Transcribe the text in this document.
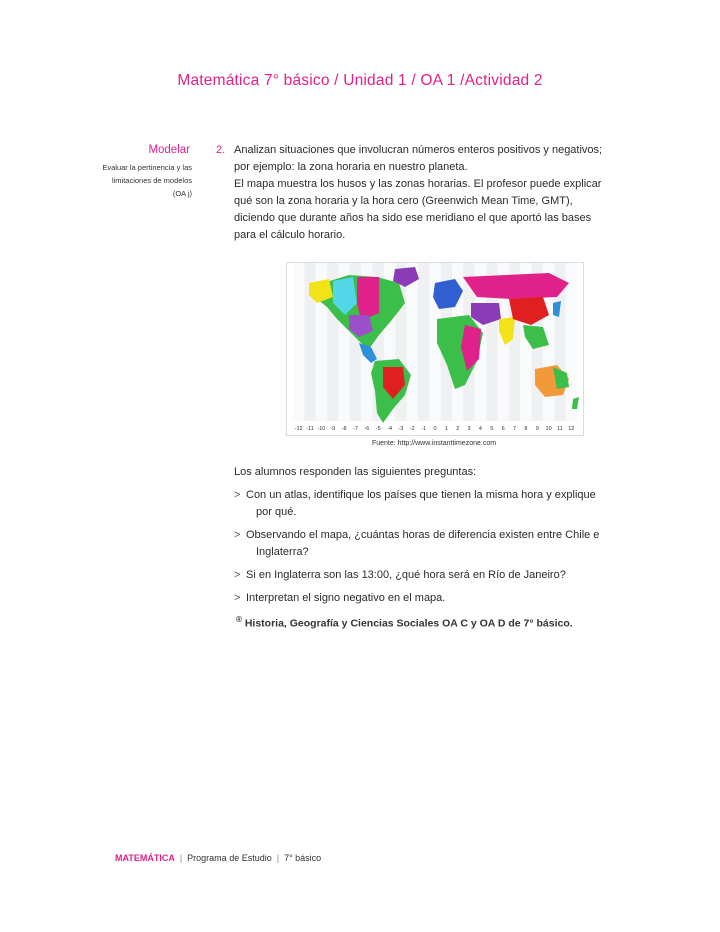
Matemática 7° básico / Unidad 1 / OA 1 /Actividad 2
Modelar
Evaluar la pertinencia y las
limitaciones de modelos
(OA j)
2. Analizan situaciones que involucran números enteros positivos y negativos;
por ejemplo: la zona horaria en nuestro planeta.
El mapa muestra los husos y las zonas horarias. El profesor puede explicar
qué son la zona horaria y la hora cero (Greenwich Mean Time, GMT),
diciendo que durante años ha sido ese meridiano el que aportó las bases
para el cálculo horario.
-12 -11 -10 -9 -8 -7 -6 -5 -4 -3 -2 -1 0 1 2 3 4 5 6 7 8 9 10 11 12
Fuente: http://www.instanttimezone.com
Los alumnos responden las siguientes preguntas:
> Con un atlas, identifique los países que tienen la misma hora y explique
por qué.
> Observando el mapa, ¿cuántas horas de diferencia existen entre Chile e
Inglaterra?
> Si en Inglaterra son las 13:00, ¿qué hora será en Río de Janeiro?
> Interpretan el signo negativo en el mapa.
® Historia, Geografía y Ciencias Sociales OA C y OA D de 7° básico.
MATEMÁTICA | Programa de Estudio | 7° básico
